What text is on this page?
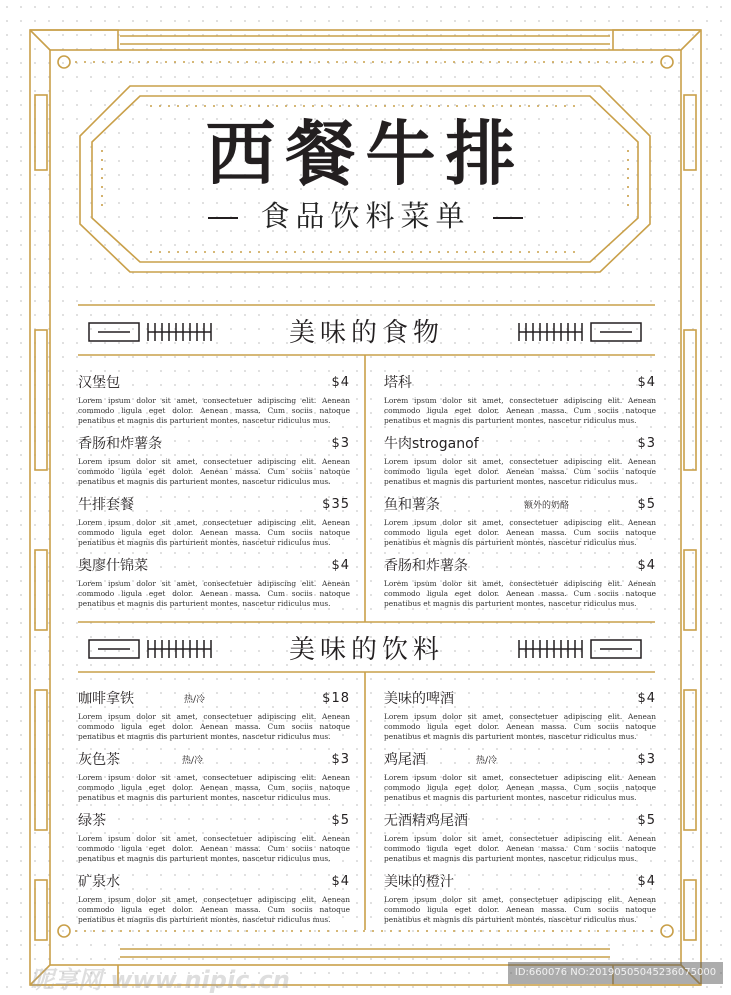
西餐牛排
食品饮料菜单
美味的食物
汉堡包	$4
Lorem ipsum dolor sit amet, consectetuer adipiscing elit. Aenean commodo ligula eget dolor. Aenean massa. Cum sociis natoque penatibus et magnis dis parturient montes, nascetur ridiculus mus.
香肠和炸薯条	$3
Lorem ipsum dolor sit amet, consectetuer adipiscing elit. Aenean commodo ligula eget dolor. Aenean massa. Cum sociis natoque penatibus et magnis dis parturient montes, nascetur ridiculus mus.
牛排套餐	$35
Lorem ipsum dolor sit amet, consectetuer adipiscing elit. Aenean commodo ligula eget dolor. Aenean massa. Cum sociis natoque penatibus et magnis dis parturient montes, nascetur ridiculus mus.
奥廖什锦菜	$4
Lorem ipsum dolor sit amet, consectetuer adipiscing elit. Aenean commodo ligula eget dolor. Aenean massa. Cum sociis natoque penatibus et magnis dis parturient montes, nascetur ridiculus mus.
塔科	$4
Lorem ipsum dolor sit amet, consectetuer adipiscing elit. Aenean commodo ligula eget dolor. Aenean massa. Cum sociis natoque penatibus et magnis dis parturient montes, nascetur ridiculus mus.
牛肉stroganof	$3
Lorem ipsum dolor sit amet, consectetuer adipiscing elit. Aenean commodo ligula eget dolor. Aenean massa. Cum sociis natoque penatibus et magnis dis parturient montes, nascetur ridiculus mus.
鱼和薯条	额外的奶酪	$5
Lorem ipsum dolor sit amet, consectetuer adipiscing elit. Aenean commodo ligula eget dolor. Aenean massa. Cum sociis natoque penatibus et magnis dis parturient montes, nascetur ridiculus mus.
香肠和炸薯条	$4
Lorem ipsum dolor sit amet, consectetuer adipiscing elit. Aenean commodo ligula eget dolor. Aenean massa. Cum sociis natoque penatibus et magnis dis parturient montes, nascetur ridiculus mus.
美味的饮料
咖啡拿铁	热/冷	$18
Lorem ipsum dolor sit amet, consectetuer adipiscing elit. Aenean commodo ligula eget dolor. Aenean massa. Cum sociis natoque penatibus et magnis dis parturient montes, nascetur ridiculus mus.
灰色茶	热/冷	$3
Lorem ipsum dolor sit amet, consectetuer adipiscing elit. Aenean commodo ligula eget dolor. Aenean massa. Cum sociis natoque penatibus et magnis dis parturient montes, nascetur ridiculus mus.
绿茶	$5
Lorem ipsum dolor sit amet, consectetuer adipiscing elit. Aenean commodo ligula eget dolor. Aenean massa. Cum sociis natoque penatibus et magnis dis parturient montes, nascetur ridiculus mus.
矿泉水	$4
Lorem ipsum dolor sit amet, consectetuer adipiscing elit. Aenean commodo ligula eget dolor. Aenean massa. Cum sociis natoque penatibus et magnis dis parturient montes, nascetur ridiculus mus.
美味的啤酒	$4
Lorem ipsum dolor sit amet, consectetuer adipiscing elit. Aenean commodo ligula eget dolor. Aenean massa. Cum sociis natoque penatibus et magnis dis parturient montes, nascetur ridiculus mus.
鸡尾酒	热/冷	$3
Lorem ipsum dolor sit amet, consectetuer adipiscing elit. Aenean commodo ligula eget dolor. Aenean massa. Cum sociis natoque penatibus et magnis dis parturient montes, nascetur ridiculus mus.
无酒精鸡尾酒	$5
Lorem ipsum dolor sit amet, consectetuer adipiscing elit. Aenean commodo ligula eget dolor. Aenean massa. Cum sociis natoque penatibus et magnis dis parturient montes, nascetur ridiculus mus.
美味的橙汁	$4
Lorem ipsum dolor sit amet, consectetuer adipiscing elit. Aenean commodo ligula eget dolor. Aenean massa. Cum sociis natoque penatibus et magnis dis parturient montes, nascetur ridiculus mus.
昵享网 www.nipic.cn	ID:660076 NO:20190505045236075000
